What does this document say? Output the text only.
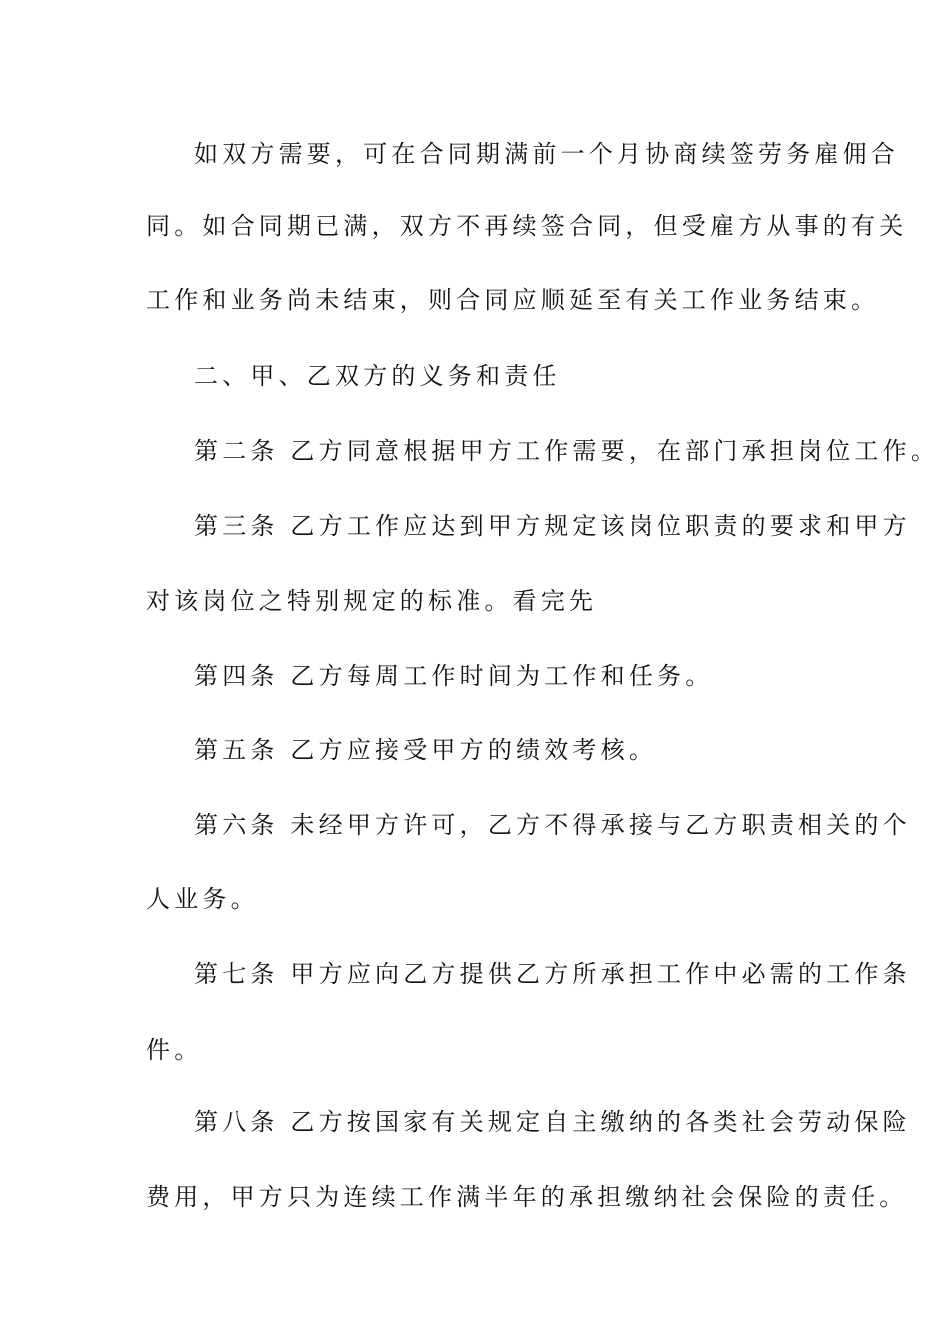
如双方需要，可在合同期满前一个月协商续签劳务雇佣合
同。如合同期已满，双方不再续签合同，但受雇方从事的有关
工作和业务尚未结束，则合同应顺延至有关工作业务结束。
二、甲、乙双方的义务和责任
第二条 乙方同意根据甲方工作需要，在部门承担岗位工作。
第三条 乙方工作应达到甲方规定该岗位职责的要求和甲方
对该岗位之特别规定的标准。看完先
第四条 乙方每周工作时间为工作和任务。
第五条 乙方应接受甲方的绩效考核。
第六条 未经甲方许可，乙方不得承接与乙方职责相关的个
人业务。
第七条 甲方应向乙方提供乙方所承担工作中必需的工作条
件。
第八条 乙方按国家有关规定自主缴纳的各类社会劳动保险
费用，甲方只为连续工作满半年的承担缴纳社会保险的责任。
